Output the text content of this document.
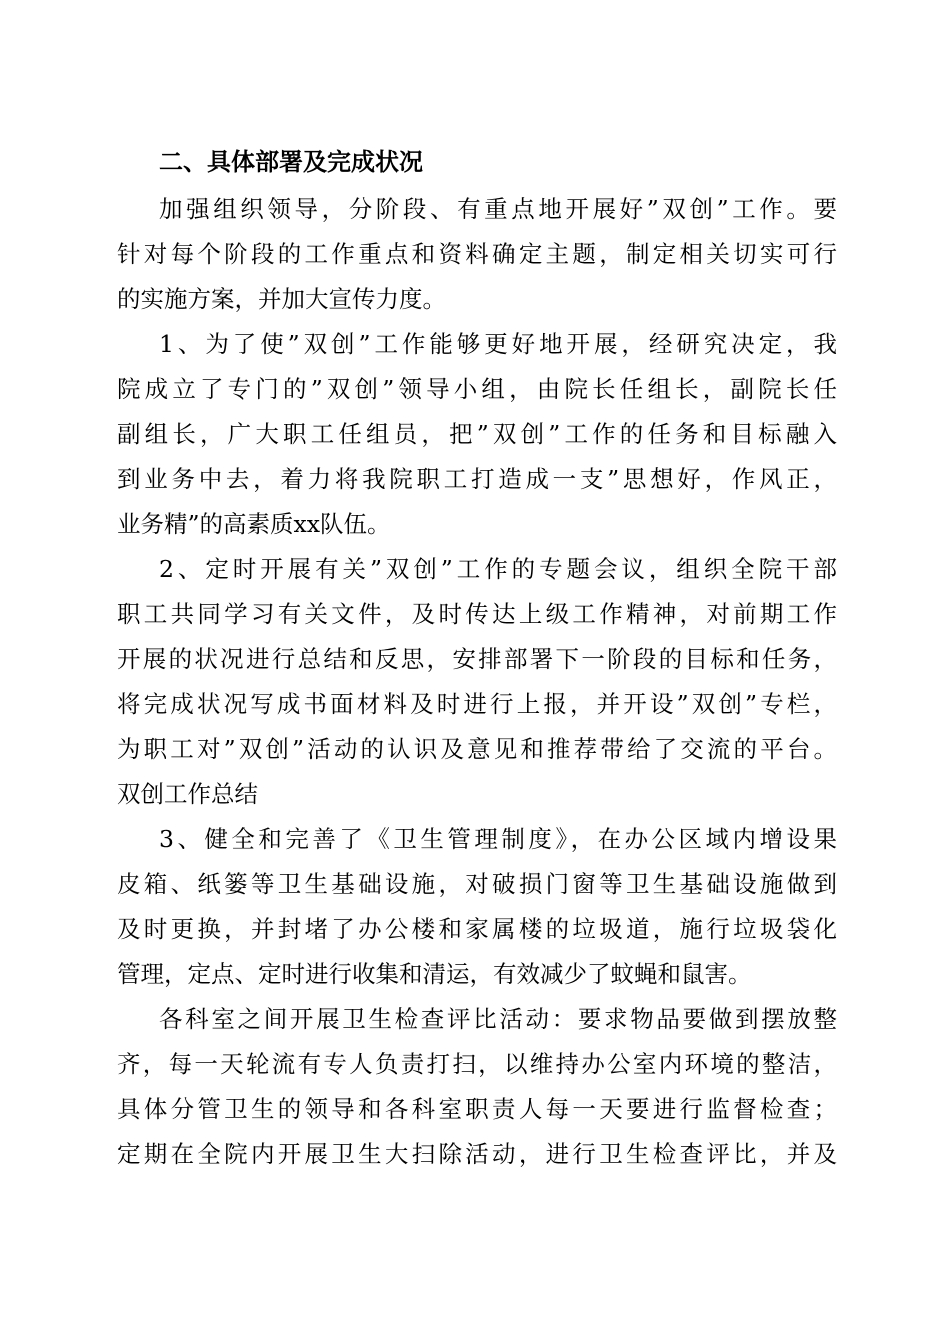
二、具体部署及完成状况

加强组织领导，分阶段、有重点地开展好”双创”工作。要

针对每个阶段的工作重点和资料确定主题，制定相关切实可行

的实施方案，并加大宣传力度。

1、为了使”双创”工作能够更好地开展，经研究决定，我

院成立了专门的”双创”领导小组，由院长任组长，副院长任

副组长，广大职工任组员，把”双创”工作的任务和目标融入

到业务中去，着力将我院职工打造成一支”思想好，作风正，

业务精”的高素质xx队伍。

2、定时开展有关”双创”工作的专题会议，组织全院干部

职工共同学习有关文件，及时传达上级工作精神，对前期工作

开展的状况进行总结和反思，安排部署下一阶段的目标和任务，

将完成状况写成书面材料及时进行上报，并开设”双创”专栏，

为职工对”双创”活动的认识及意见和推荐带给了交流的平台。

双创工作总结

3、健全和完善了《卫生管理制度》，在办公区域内增设果

皮箱、纸篓等卫生基础设施，对破损门窗等卫生基础设施做到

及时更换，并封堵了办公楼和家属楼的垃圾道，施行垃圾袋化

管理，定点、定时进行收集和清运，有效减少了蚊蝇和鼠害。

各科室之间开展卫生检查评比活动：要求物品要做到摆放整

齐，每一天轮流有专人负责打扫，以维持办公室内环境的整洁，

具体分管卫生的领导和各科室职责人每一天要进行监督检查；

定期在全院内开展卫生大扫除活动，进行卫生检查评比，并及
